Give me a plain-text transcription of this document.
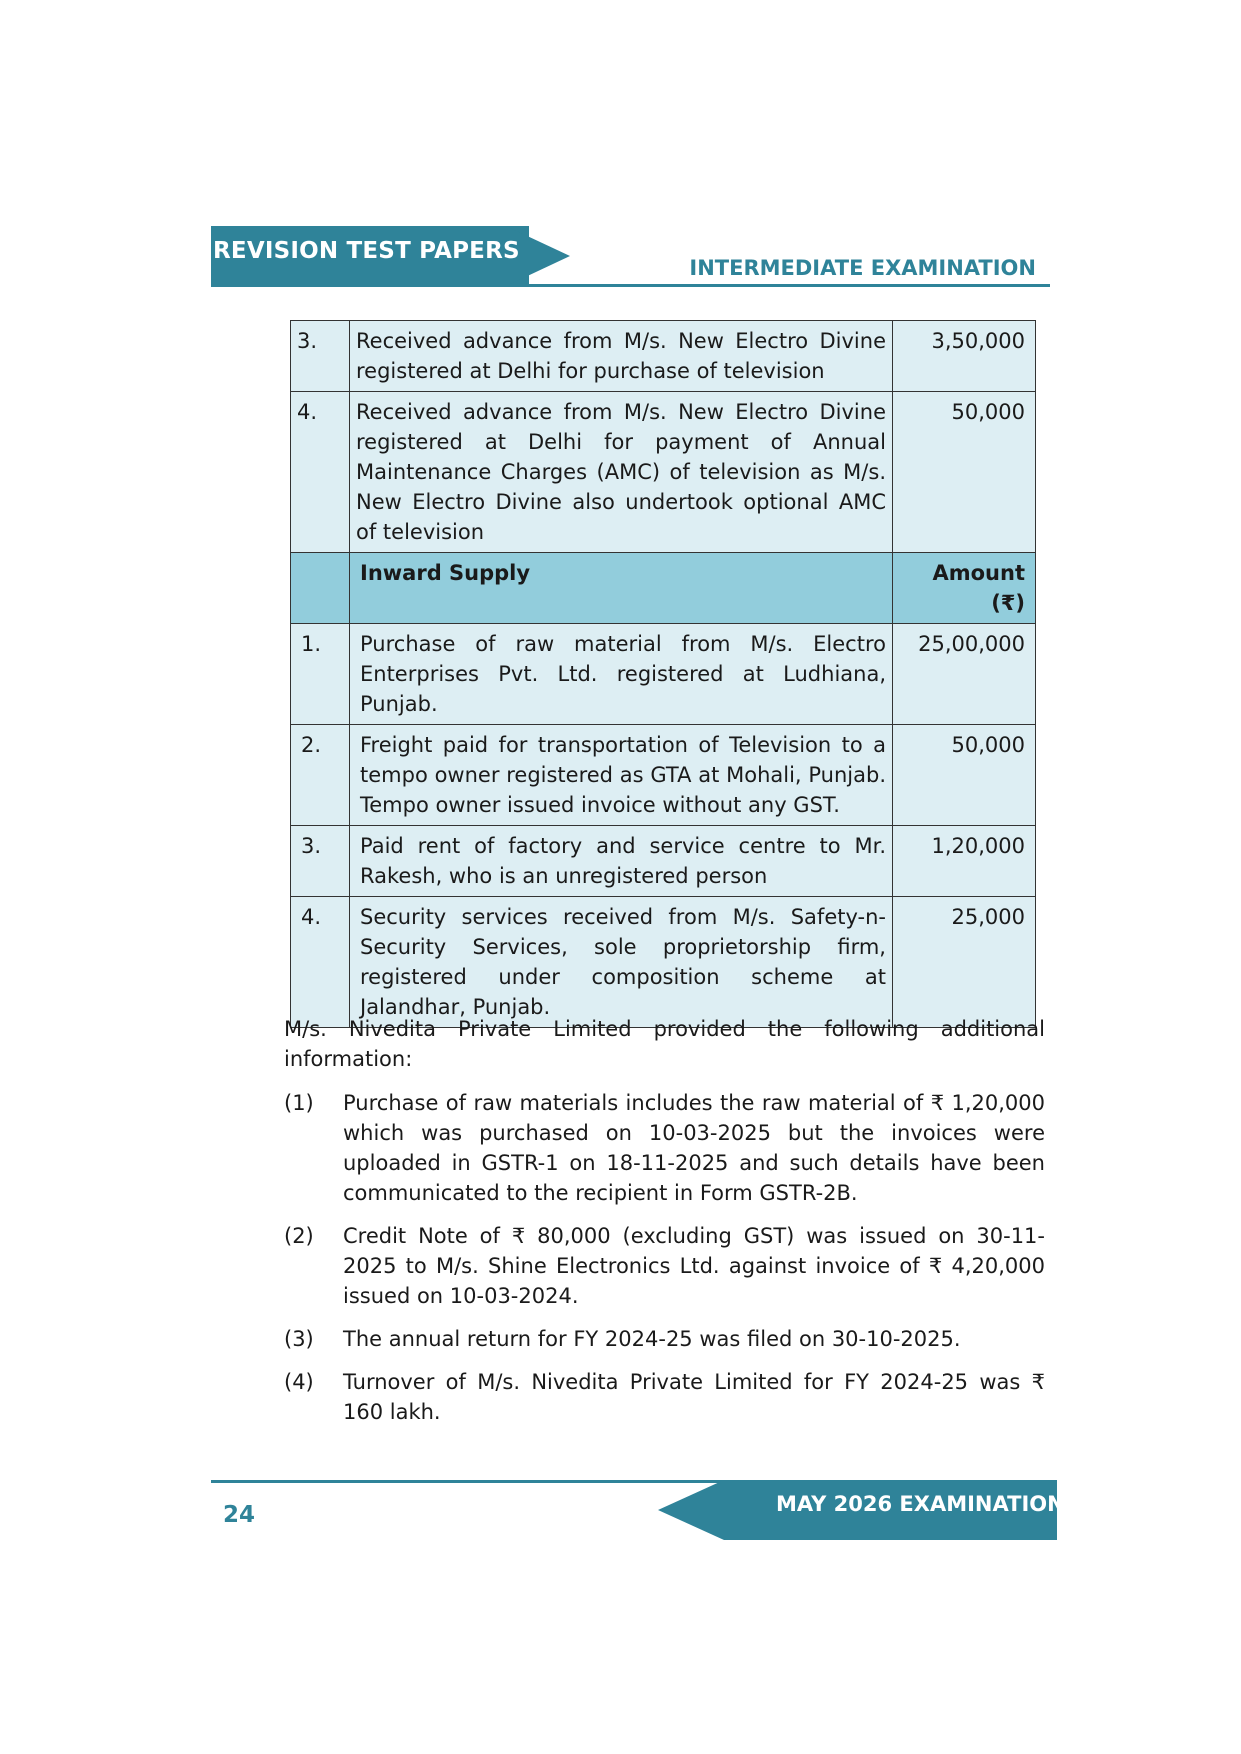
REVISION TEST PAPERS
INTERMEDIATE EXAMINATION
3.	Received advance from M/s. New Electro Divine registered at Delhi for purchase of television	3,50,000
4.	Received advance from M/s. New Electro Divine registered at Delhi for payment of Annual Maintenance Charges (AMC) of television as M/s. New Electro Divine also undertook optional AMC of television	50,000
	Inward Supply	Amount
(₹)

1.	Purchase of raw material from M/s. Electro Enterprises Pvt. Ltd. registered at Ludhiana, Punjab.	25,00,000
2.	Freight paid for transportation of Television to a tempo owner registered as GTA at Mohali, Punjab. Tempo owner issued invoice without any GST.	50,000
3.	Paid rent of factory and service centre to Mr. Rakesh, who is an unregistered person	1,20,000
4.	Security services received from M/s. Safety-n-Security Services, sole proprietorship firm, registered under composition scheme at Jalandhar, Punjab.	25,000
M/s. Nivedita Private Limited provided the following additional information:
(1)	Purchase of raw materials includes the raw material of ₹ 1,20,000 which was purchased on 10-03-2025 but the invoices were uploaded in GSTR-1 on 18-11-2025 and such details have been communicated to the recipient in Form GSTR-2B.
(2)	Credit Note of ₹ 80,000 (excluding GST) was issued on 30-11-2025 to M/s. Shine Electronics Ltd. against invoice of ₹ 4,20,000 issued on 10-03-2024.
(3)	The annual return for FY 2024-25 was filed on 30-10-2025.
(4)	Turnover of M/s. Nivedita Private Limited for FY 2024-25 was ₹ 160 lakh.
MAY 2026 EXAMINATION
24
